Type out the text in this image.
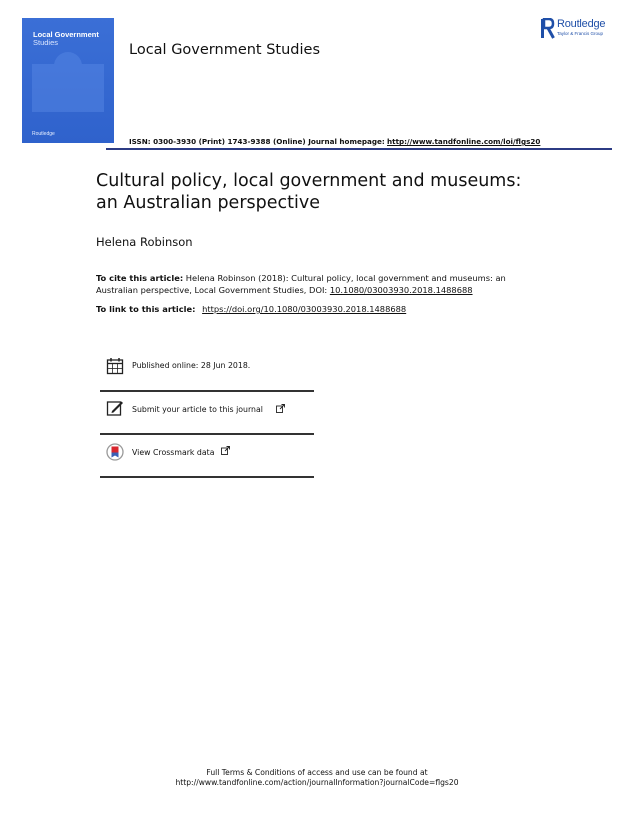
Local Government
Studies
Routledge
Local Government Studies
Routledge
Taylor & Francis Group
ISSN: 0300-3930 (Print) 1743-9388 (Online) Journal homepage: http://www.tandfonline.com/loi/flgs20
Cultural policy, local government and museums:
an Australian perspective
Helena Robinson
To cite this article: Helena Robinson (2018): Cultural policy, local government and museums: an
Australian perspective, Local Government Studies, DOI: 10.1080/03003930.2018.1488688
To link to this article: https://doi.org/10.1080/03003930.2018.1488688
Published online: 28 Jun 2018.
Submit your article to this journal
View Crossmark data
Full Terms & Conditions of access and use can be found at
http://www.tandfonline.com/action/journalInformation?journalCode=flgs20
